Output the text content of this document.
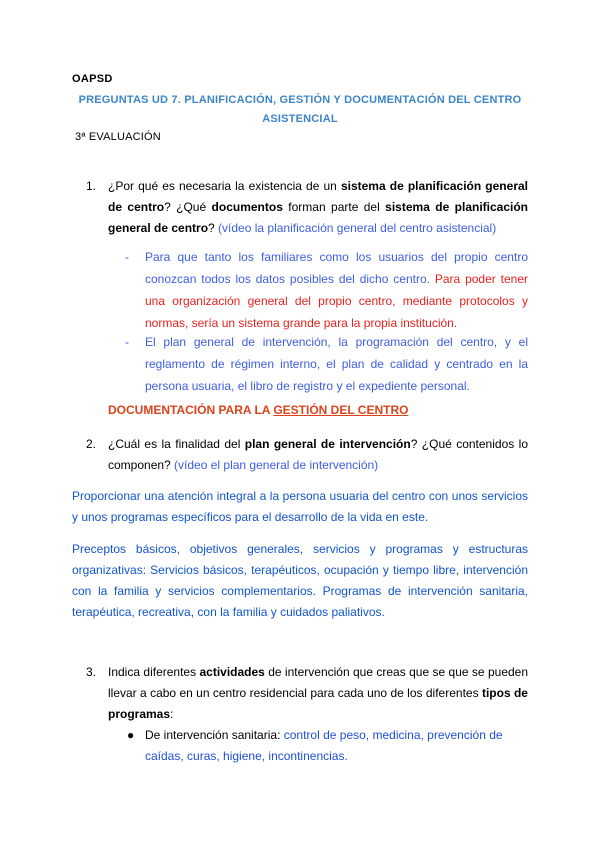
OAPSD
PREGUNTAS UD 7. PLANIFICACIÓN, GESTIÓN Y DOCUMENTACIÓN DEL CENTRO ASISTENCIAL
3ª EVALUACIÓN
1. ¿Por qué es necesaria la existencia de un sistema de planificación general de centro? ¿Qué documentos forman parte del sistema de planificación general de centro? (vídeo la planificación general del centro asistencial)
- Para que tanto los familiares como los usuarios del propio centro conozcan todos los datos posibles del dicho centro. Para poder tener una organización general del propio centro, mediante protocolos y normas, sería un sistema grande para la propia institución.
- El plan general de intervención, la programación del centro, y el reglamento de régimen interno, el plan de calidad y centrado en la persona usuaria, el libro de registro y el expediente personal.
DOCUMENTACIÓN PARA LA GESTIÓN DEL CENTRO
2. ¿Cuál es la finalidad del plan general de intervención? ¿Qué contenidos lo componen? (vídeo el plan general de intervención)
Proporcionar una atención integral a la persona usuaria del centro con unos servicios y unos programas específicos para el desarrollo de la vida en este.
Preceptos básicos, objetivos generales, servicios y programas y estructuras organizativas: Servicios básicos, terapéuticos, ocupación y tiempo libre, intervención con la familia y servicios complementarios. Programas de intervención sanitaria, terapéutica, recreativa, con la familia y cuidados paliativos.
3. Indica diferentes actividades de intervención que creas que se que se pueden llevar a cabo en un centro residencial para cada uno de los diferentes tipos de programas:
● De intervención sanitaria: control de peso, medicina, prevención de caídas, curas, higiene, incontinencias.
